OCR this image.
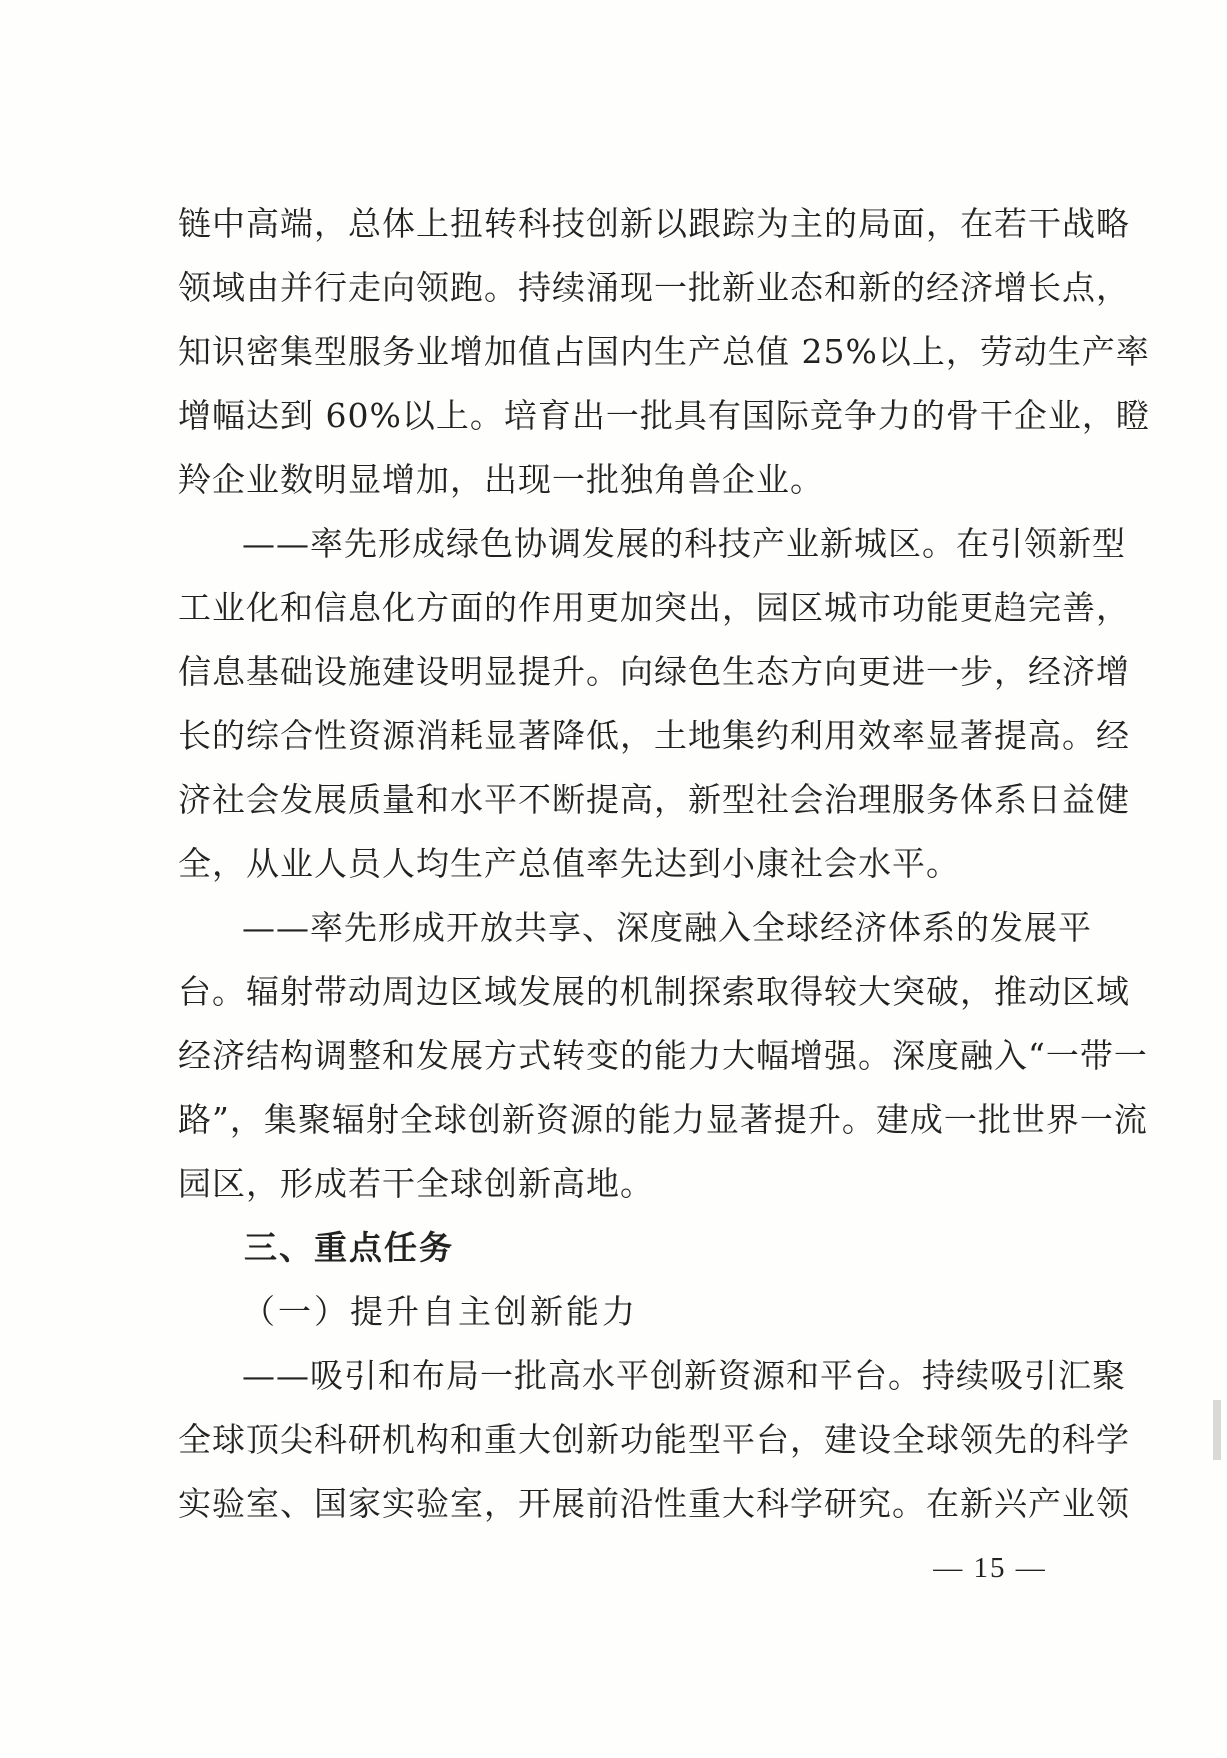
链中高端，总体上扭转科技创新以跟踪为主的局面，在若干战略

领域由并行走向领跑。持续涌现一批新业态和新的经济增长点，

知识密集型服务业增加值占国内生产总值 25%以上，劳动生产率

增幅达到 60%以上。培育出一批具有国际竞争力的骨干企业，瞪

羚企业数明显增加，出现一批独角兽企业。

——率先形成绿色协调发展的科技产业新城区。在引领新型

工业化和信息化方面的作用更加突出，园区城市功能更趋完善，

信息基础设施建设明显提升。向绿色生态方向更进一步，经济增

长的综合性资源消耗显著降低，土地集约利用效率显著提高。经

济社会发展质量和水平不断提高，新型社会治理服务体系日益健

全，从业人员人均生产总值率先达到小康社会水平。

——率先形成开放共享、深度融入全球经济体系的发展平

台。辐射带动周边区域发展的机制探索取得较大突破，推动区域

经济结构调整和发展方式转变的能力大幅增强。深度融入“一带一

路”，集聚辐射全球创新资源的能力显著提升。建成一批世界一流

园区，形成若干全球创新高地。

三、重点任务

（一）提升自主创新能力

——吸引和布局一批高水平创新资源和平台。持续吸引汇聚

全球顶尖科研机构和重大创新功能型平台，建设全球领先的科学

实验室、国家实验室，开展前沿性重大科学研究。在新兴产业领

— 15 —
